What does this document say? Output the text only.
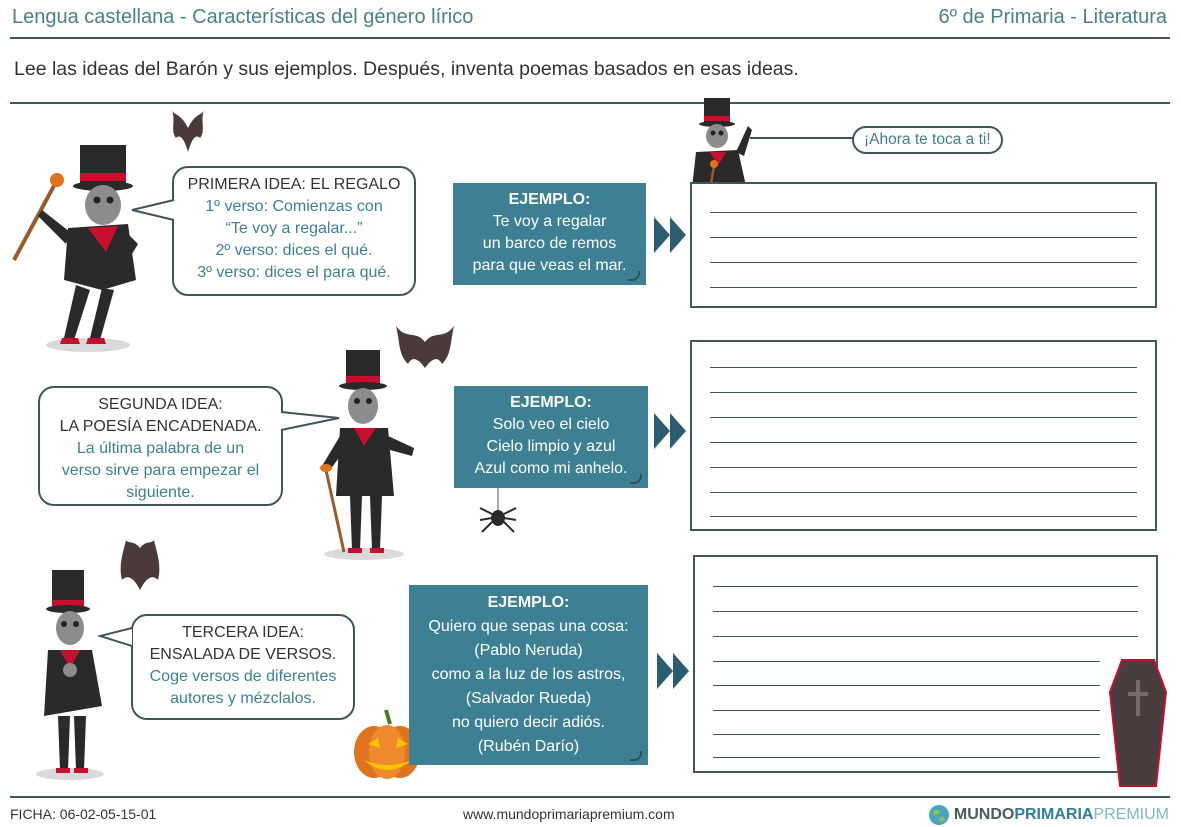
Lengua castellana - Características del género lírico	6º de Primaria - Literatura
Lee las ideas del Barón y sus ejemplos. Después, inventa poemas basados en esas ideas.
PRIMERA IDEA: EL REGALO
1º verso: Comienzas con
“Te voy a regalar...”
2º verso: dices el qué.
3º verso: dices el para qué.
EJEMPLO:
Te voy a regalar
un barco de remos
para que veas el mar.
¡Ahora te toca a ti!
SEGUNDA IDEA:
LA POESÍA ENCADENADA.
La última palabra de un
verso sirve para empezar el
siguiente.
EJEMPLO:
Solo veo el cielo
Cielo limpio y azul
Azul como mi anhelo.
TERCERA IDEA:
ENSALADA DE VERSOS.
Coge versos de diferentes
autores y mézclalos.
EJEMPLO:
Quiero que sepas una cosa:
(Pablo Neruda)
como a la luz de los astros,
(Salvador Rueda)
no quiero decir adiós.
(Rubén Darío)
FICHA: 06-02-05-15-01	www.mundoprimariapremium.com	MUNDOPRIMARIAPREMIUM
